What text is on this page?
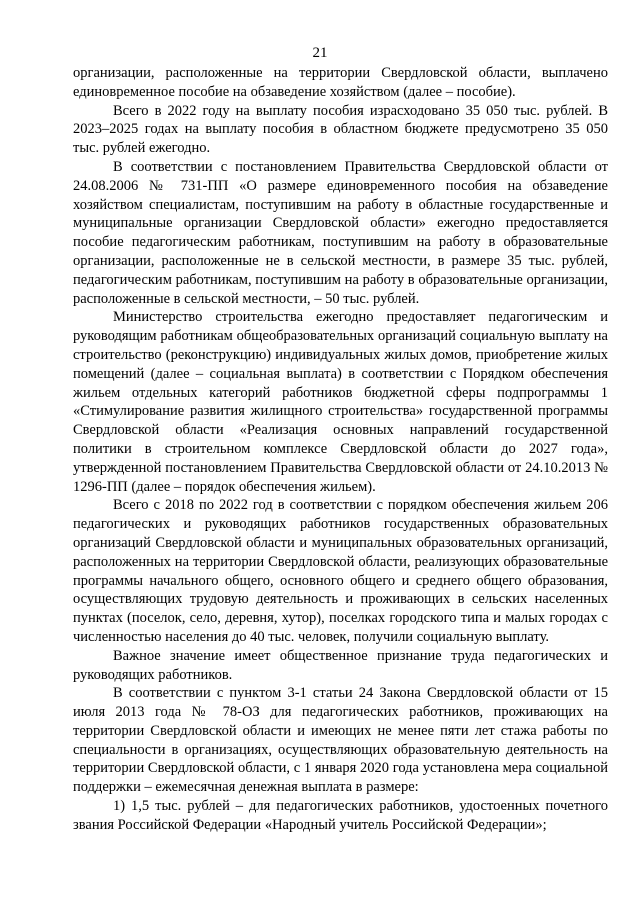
21

организации, расположенные на территории Свердловской области, выплачено единовременное пособие на обзаведение хозяйством (далее – пособие).

Всего в 2022 году на выплату пособия израсходовано 35 050 тыс. рублей. В 2023–2025 годах на выплату пособия в областном бюджете предусмотрено 35 050 тыс. рублей ежегодно.

В соответствии с постановлением Правительства Свердловской области от 24.08.2006 № 731-ПП «О размере единовременного пособия на обзаведение хозяйством специалистам, поступившим на работу в областные государственные и муниципальные организации Свердловской области» ежегодно предоставляется пособие педагогическим работникам, поступившим на работу в образовательные организации, расположенные не в сельской местности, в размере 35 тыс. рублей, педагогическим работникам, поступившим на работу в образовательные организации, расположенные в сельской местности, – 50 тыс. рублей.

Министерство строительства ежегодно предоставляет педагогическим и руководящим работникам общеобразовательных организаций социальную выплату на строительство (реконструкцию) индивидуальных жилых домов, приобретение жилых помещений (далее – социальная выплата) в соответствии с Порядком обеспечения жильем отдельных категорий работников бюджетной сферы подпрограммы 1 «Стимулирование развития жилищного строительства» государственной программы Свердловской области «Реализация основных направлений государственной политики в строительном комплексе Свердловской области до 2027 года», утвержденной постановлением Правительства Свердловской области от 24.10.2013 № 1296-ПП (далее – порядок обеспечения жильем).

Всего с 2018 по 2022 год в соответствии с порядком обеспечения жильем 206 педагогических и руководящих работников государственных образовательных организаций Свердловской области и муниципальных образовательных организаций, расположенных на территории Свердловской области, реализующих образовательные программы начального общего, основного общего и среднего общего образования, осуществляющих трудовую деятельность и проживающих в сельских населенных пунктах (поселок, село, деревня, хутор), поселках городского типа и малых городах с численностью населения до 40 тыс. человек, получили социальную выплату.

Важное значение имеет общественное признание труда педагогических и руководящих работников.

В соответствии с пунктом 3-1 статьи 24 Закона Свердловской области от 15 июля 2013 года № 78-ОЗ для педагогических работников, проживающих на территории Свердловской области и имеющих не менее пяти лет стажа работы по специальности в организациях, осуществляющих образовательную деятельность на территории Свердловской области, с 1 января 2020 года установлена мера социальной поддержки – ежемесячная денежная выплата в размере:

1) 1,5 тыс. рублей – для педагогических работников, удостоенных почетного звания Российской Федерации «Народный учитель Российской Федерации»;
